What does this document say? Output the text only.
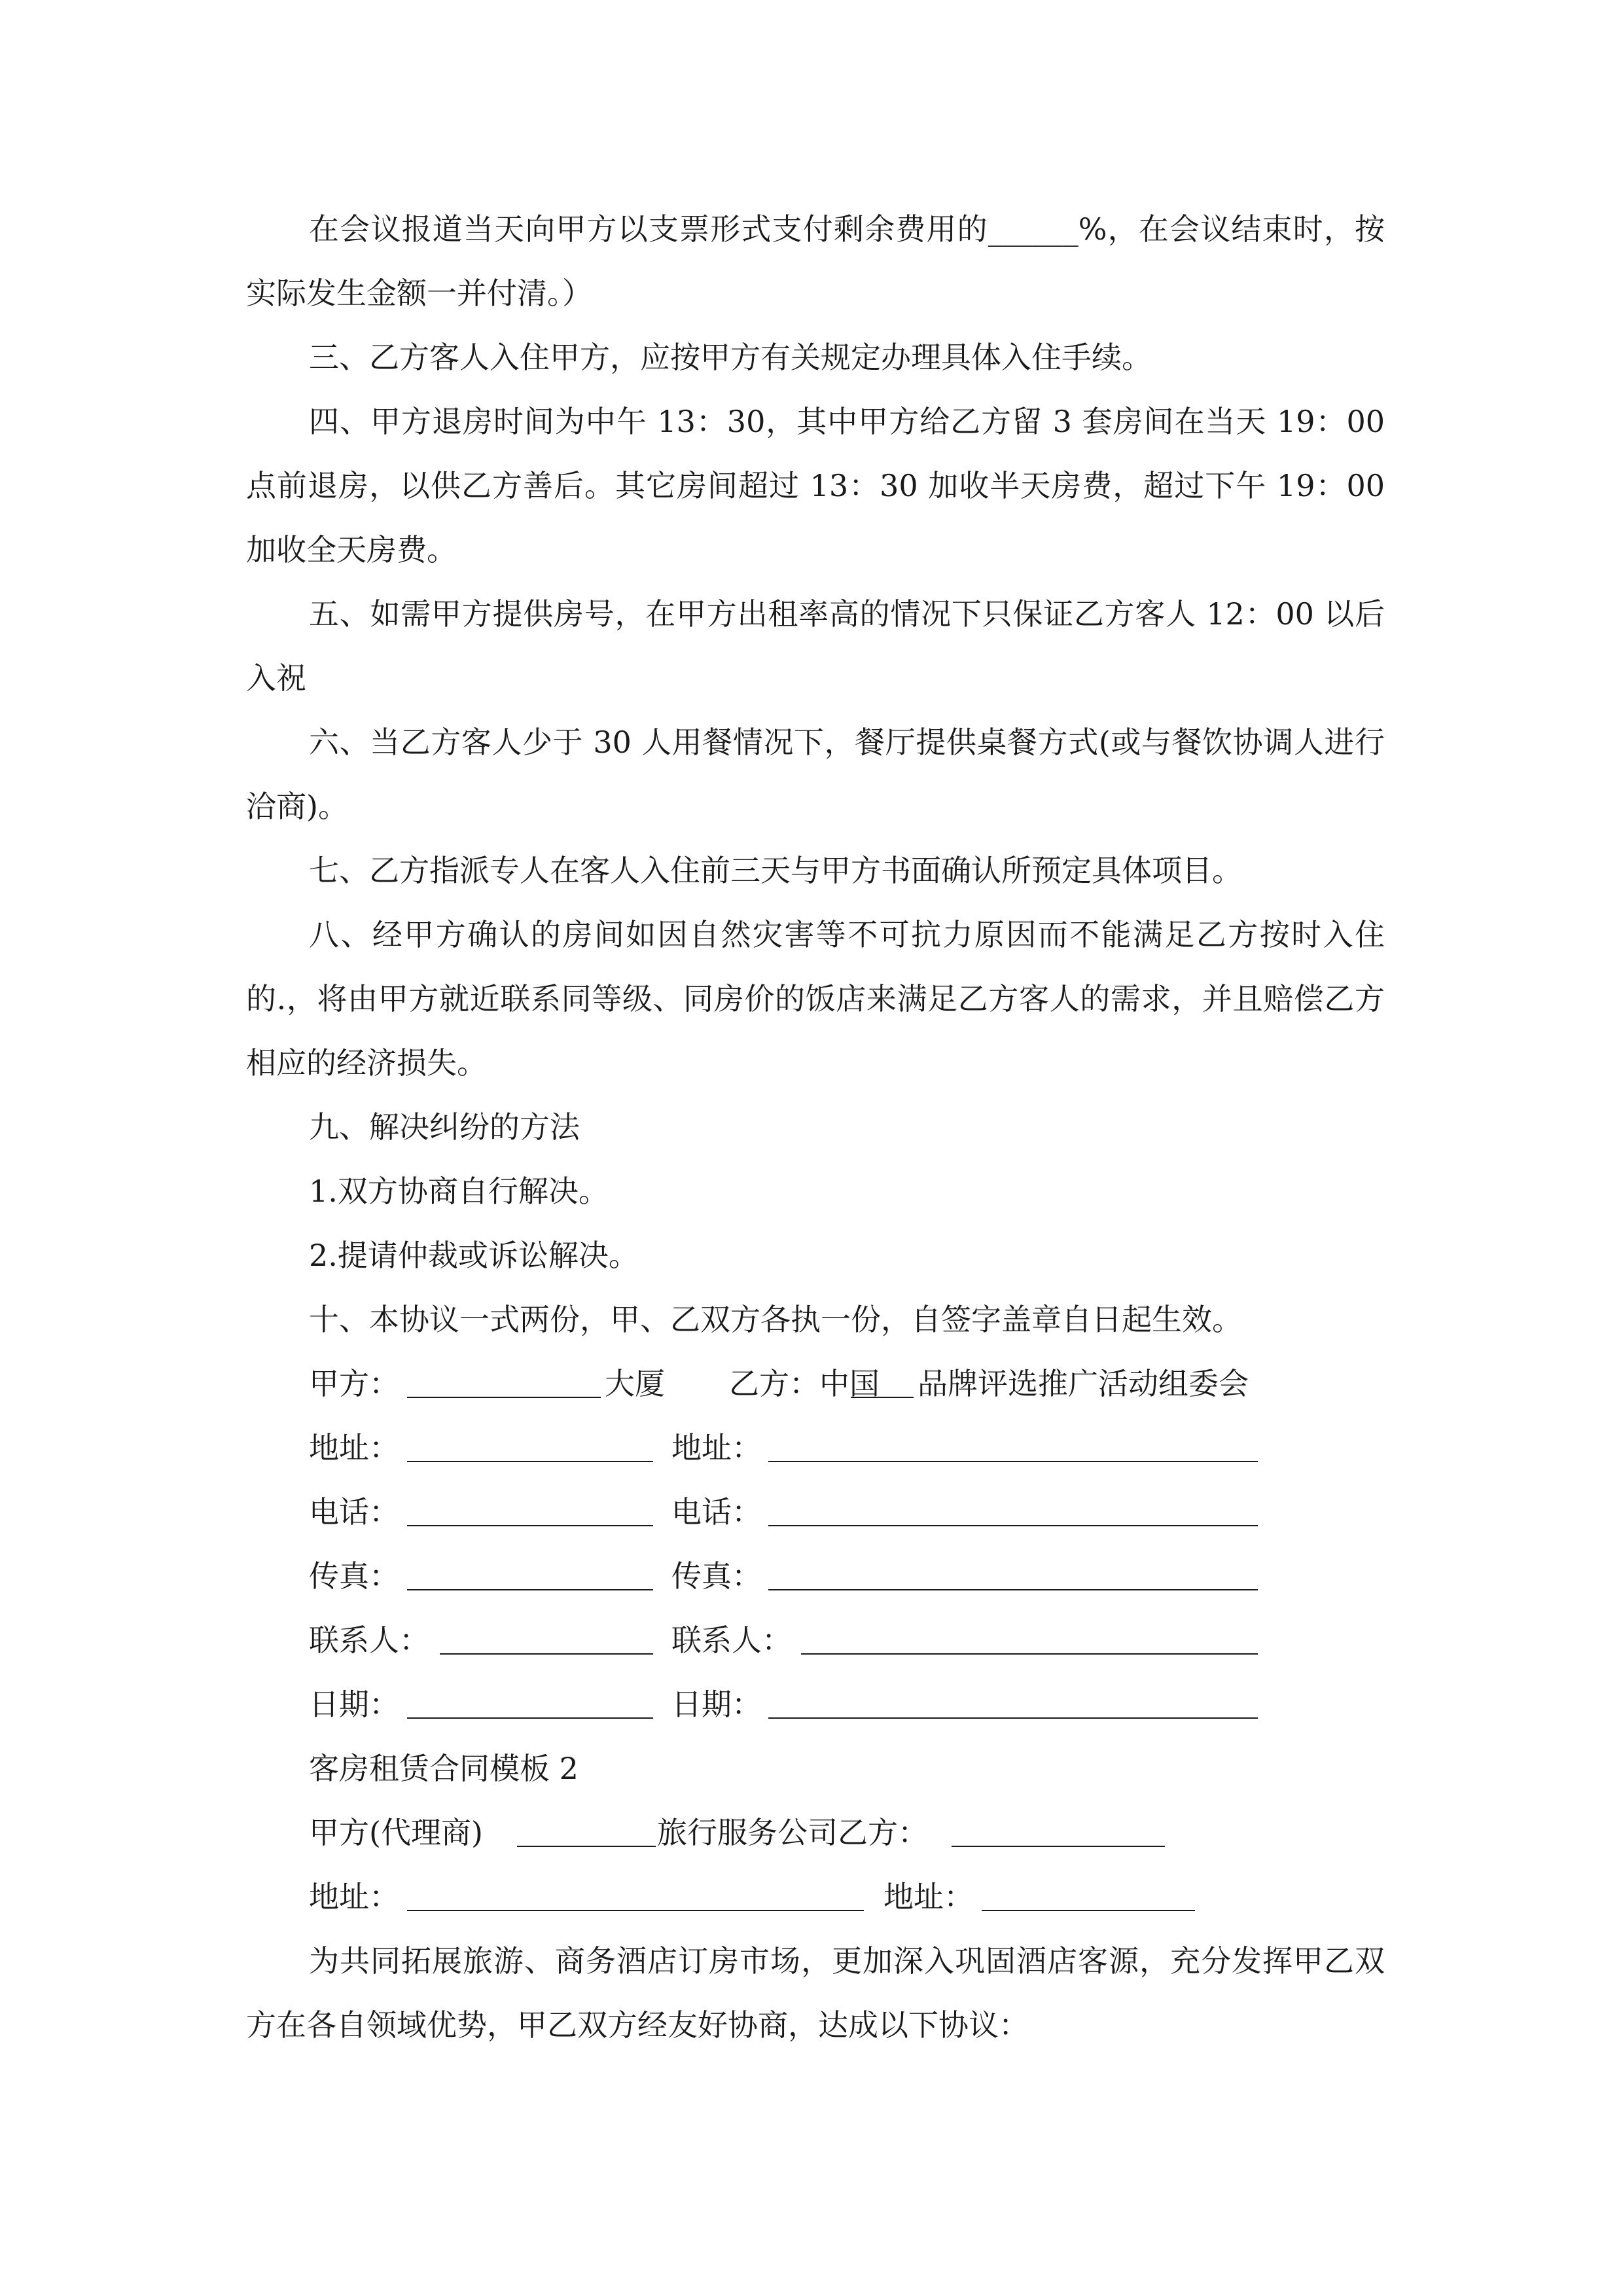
在会议报道当天向甲方以支票形式支付剩余费用的______%，在会议结束时，按实际发生金额一并付清。）

三、乙方客人入住甲方，应按甲方有关规定办理具体入住手续。

四、甲方退房时间为中午 13：30，其中甲方给乙方留 3 套房间在当天 19：00 点前退房，以供乙方善后。其它房间超过 13：30 加收半天房费，超过下午 19：00 加收全天房费。

五、如需甲方提供房号，在甲方出租率高的情况下只保证乙方客人 12：00 以后入祝

六、当乙方客人少于 30 人用餐情况下，餐厅提供桌餐方式(或与餐饮协调人进行洽商)。

七、乙方指派专人在客人入住前三天与甲方书面确认所预定具体项目。

八、经甲方确认的房间如因自然灾害等不可抗力原因而不能满足乙方按时入住的.，将由甲方就近联系同等级、同房价的饭店来满足乙方客人的需求，并且赔偿乙方相应的经济损失。

九、解决纠纷的方法

1.双方协商自行解决。

2.提请仲裁或诉讼解决。

十、本协议一式两份，甲、乙双方各执一份，自签字盖章自日起生效。

甲方：	大厦 乙方：中国 品牌评选推广活动组委会
地址：	地址：
电话：	电话：
传真：	传真：
联系人：	联系人：
日期：	日期：
客房租赁合同模板 2
甲方(代理商)	旅行服务公司乙方：
地址：	地址：

为共同拓展旅游、商务酒店订房市场，更加深入巩固酒店客源，充分发挥甲乙双方在各自领域优势，甲乙双方经友好协商，达成以下协议：
